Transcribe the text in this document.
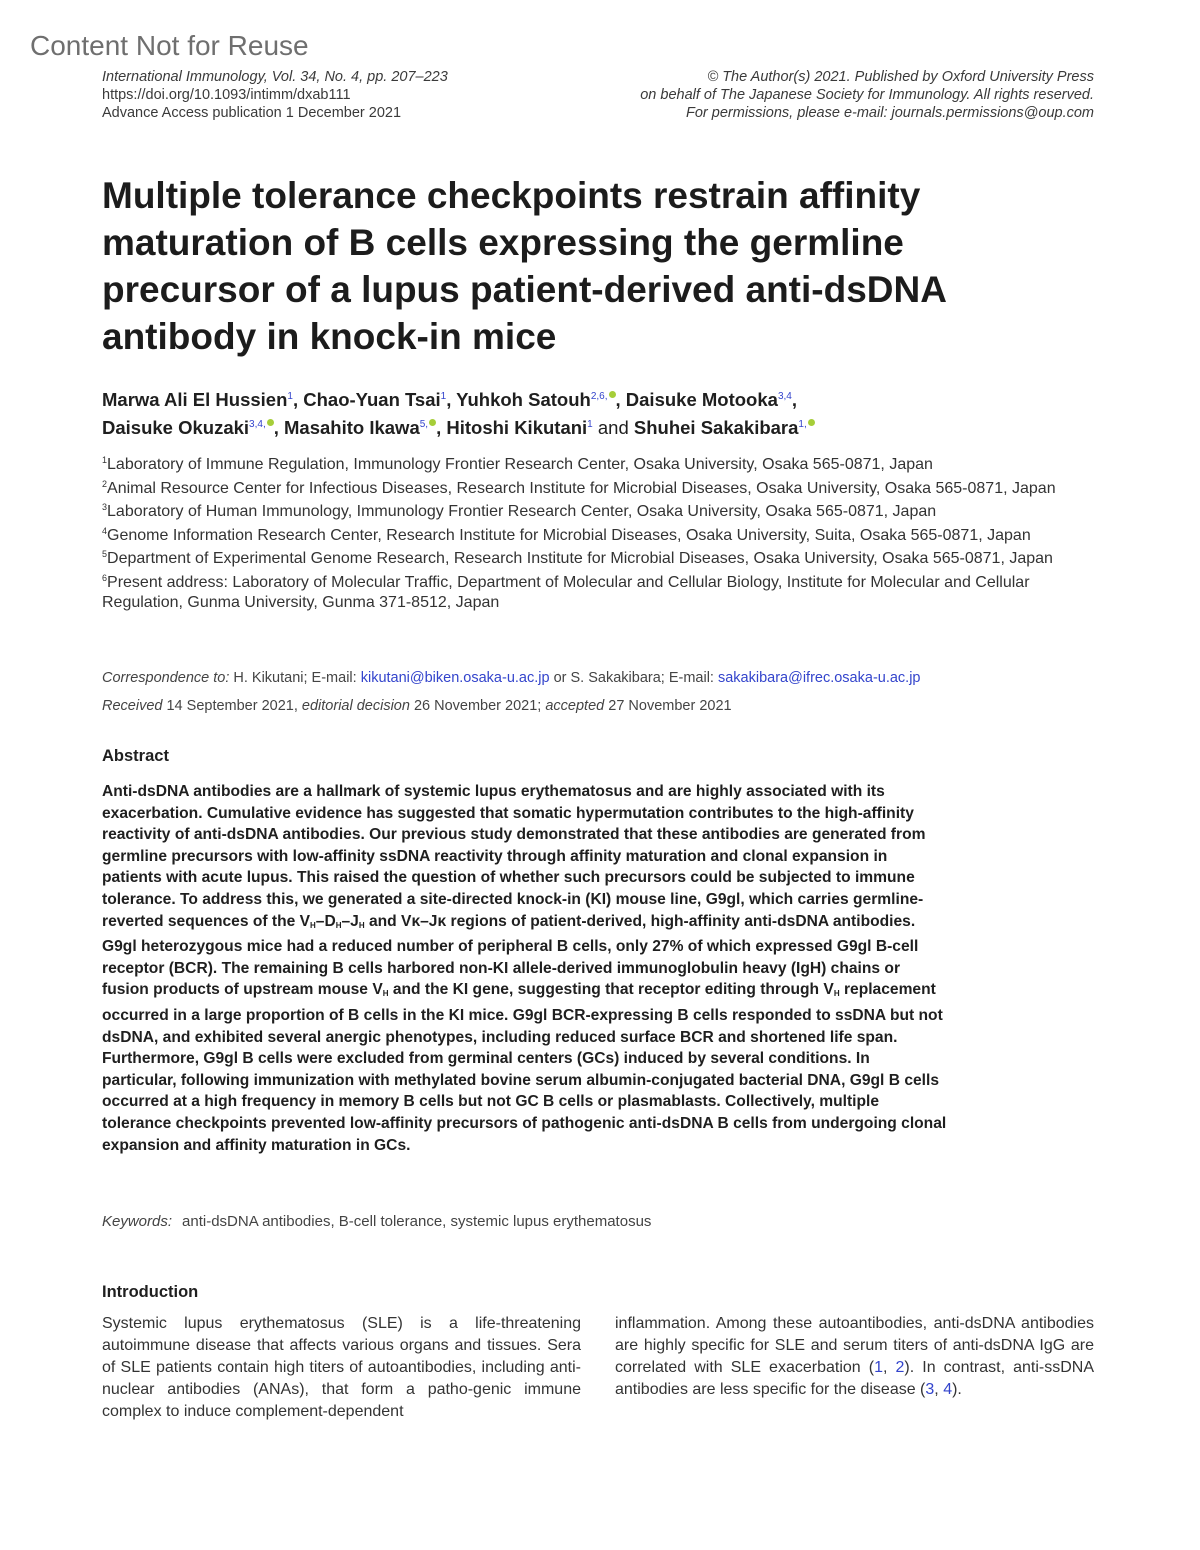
Content Not for Reuse
International Immunology, Vol. 34, No. 4, pp. 207–223
https://doi.org/10.1093/intimm/dxab111
Advance Access publication 1 December 2021
© The Author(s) 2021. Published by Oxford University Press
on behalf of The Japanese Society for Immunology. All rights reserved.
For permissions, please e-mail: journals.permissions@oup.com
Multiple tolerance checkpoints restrain affinity
maturation of B cells expressing the germline
precursor of a lupus patient-derived anti-dsDNA
antibody in knock-in mice
Marwa Ali El Hussien$^1$, Chao-Yuan Tsai$^1$, Yuhkoh Satouh$^{2,6,}$ , Daisuke Motooka$^{3,4}$,
Daisuke Okuzaki$^{3,4,}$ , Masahito Ikawa$^{5,}$ , Hitoshi Kikutani$^1$ and Shuhei Sakakibara$^{1,}$
$^1$Laboratory of Immune Regulation, Immunology Frontier Research Center, Osaka University, Osaka 565-0871, Japan
$^2$Animal Resource Center for Infectious Diseases, Research Institute for Microbial Diseases, Osaka University, Osaka 565-0871, Japan
$^3$Laboratory of Human Immunology, Immunology Frontier Research Center, Osaka University, Osaka 565-0871, Japan
$^4$Genome Information Research Center, Research Institute for Microbial Diseases, Osaka University, Suita, Osaka 565-0871, Japan
$^5$Department of Experimental Genome Research, Research Institute for Microbial Diseases, Osaka University, Osaka 565-0871, Japan
$^6$Present address: Laboratory of Molecular Traffic, Department of Molecular and Cellular Biology, Institute for Molecular and Cellular Regulation, Gunma University, Gunma 371-8512, Japan
Correspondence to: H. Kikutani; E-mail: kikutani@biken.osaka-u.ac.jp or S. Sakakibara; E-mail: sakakibara@ifrec.osaka-u.ac.jp
Received 14 September 2021, editorial decision 26 November 2021; accepted 27 November 2021
Abstract
Anti-dsDNA antibodies are a hallmark of systemic lupus erythematosus and are highly associated with its exacerbation. Cumulative evidence has suggested that somatic hypermutation contributes to the high-affinity reactivity of anti-dsDNA antibodies. Our previous study demonstrated that these antibodies are generated from germline precursors with low-affinity ssDNA reactivity through affinity maturation and clonal expansion in patients with acute lupus. This raised the question of whether such precursors could be subjected to immune tolerance. To address this, we generated a site-directed knock-in (KI) mouse line, G9gl, which carries germline-reverted sequences of the $V_H-D_H-J_H$ and Vκ–Jκ regions of patient-derived, high-affinity anti-dsDNA antibodies. G9gl heterozygous mice had a reduced number of peripheral B cells, only 27% of which expressed G9gl B-cell receptor (BCR). The remaining B cells harbored non-KI allele-derived immunoglobulin heavy (IgH) chains or fusion products of upstream mouse $V_H$ and the KI gene, suggesting that receptor editing through $V_H$ replacement occurred in a large proportion of B cells in the KI mice. G9gl BCR-expressing B cells responded to ssDNA but not dsDNA, and exhibited several anergic phenotypes, including reduced surface BCR and shortened life span. Furthermore, G9gl B cells were excluded from germinal centers (GCs) induced by several conditions. In particular, following immunization with methylated bovine serum albumin-conjugated bacterial DNA, G9gl B cells occurred at a high frequency in memory B cells but not GC B cells or plasmablasts. Collectively, multiple tolerance checkpoints prevented low-affinity precursors of pathogenic anti-dsDNA B cells from undergoing clonal expansion and affinity maturation in GCs.
Keywords: anti-dsDNA antibodies, B-cell tolerance, systemic lupus erythematosus
Introduction
Systemic lupus erythematosus (SLE) is a life-threatening autoimmune disease that affects various organs and tissues. Sera of SLE patients contain high titers of autoantibodies, including anti-nuclear antibodies (ANAs), that form a patho-genic immune complex to induce complement-dependent
inflammation. Among these autoantibodies, anti-dsDNA antibodies are highly specific for SLE and serum titers of anti-dsDNA IgG are correlated with SLE exacerbation (1, 2). In contrast, anti-ssDNA antibodies are less specific for the disease (3, 4).
